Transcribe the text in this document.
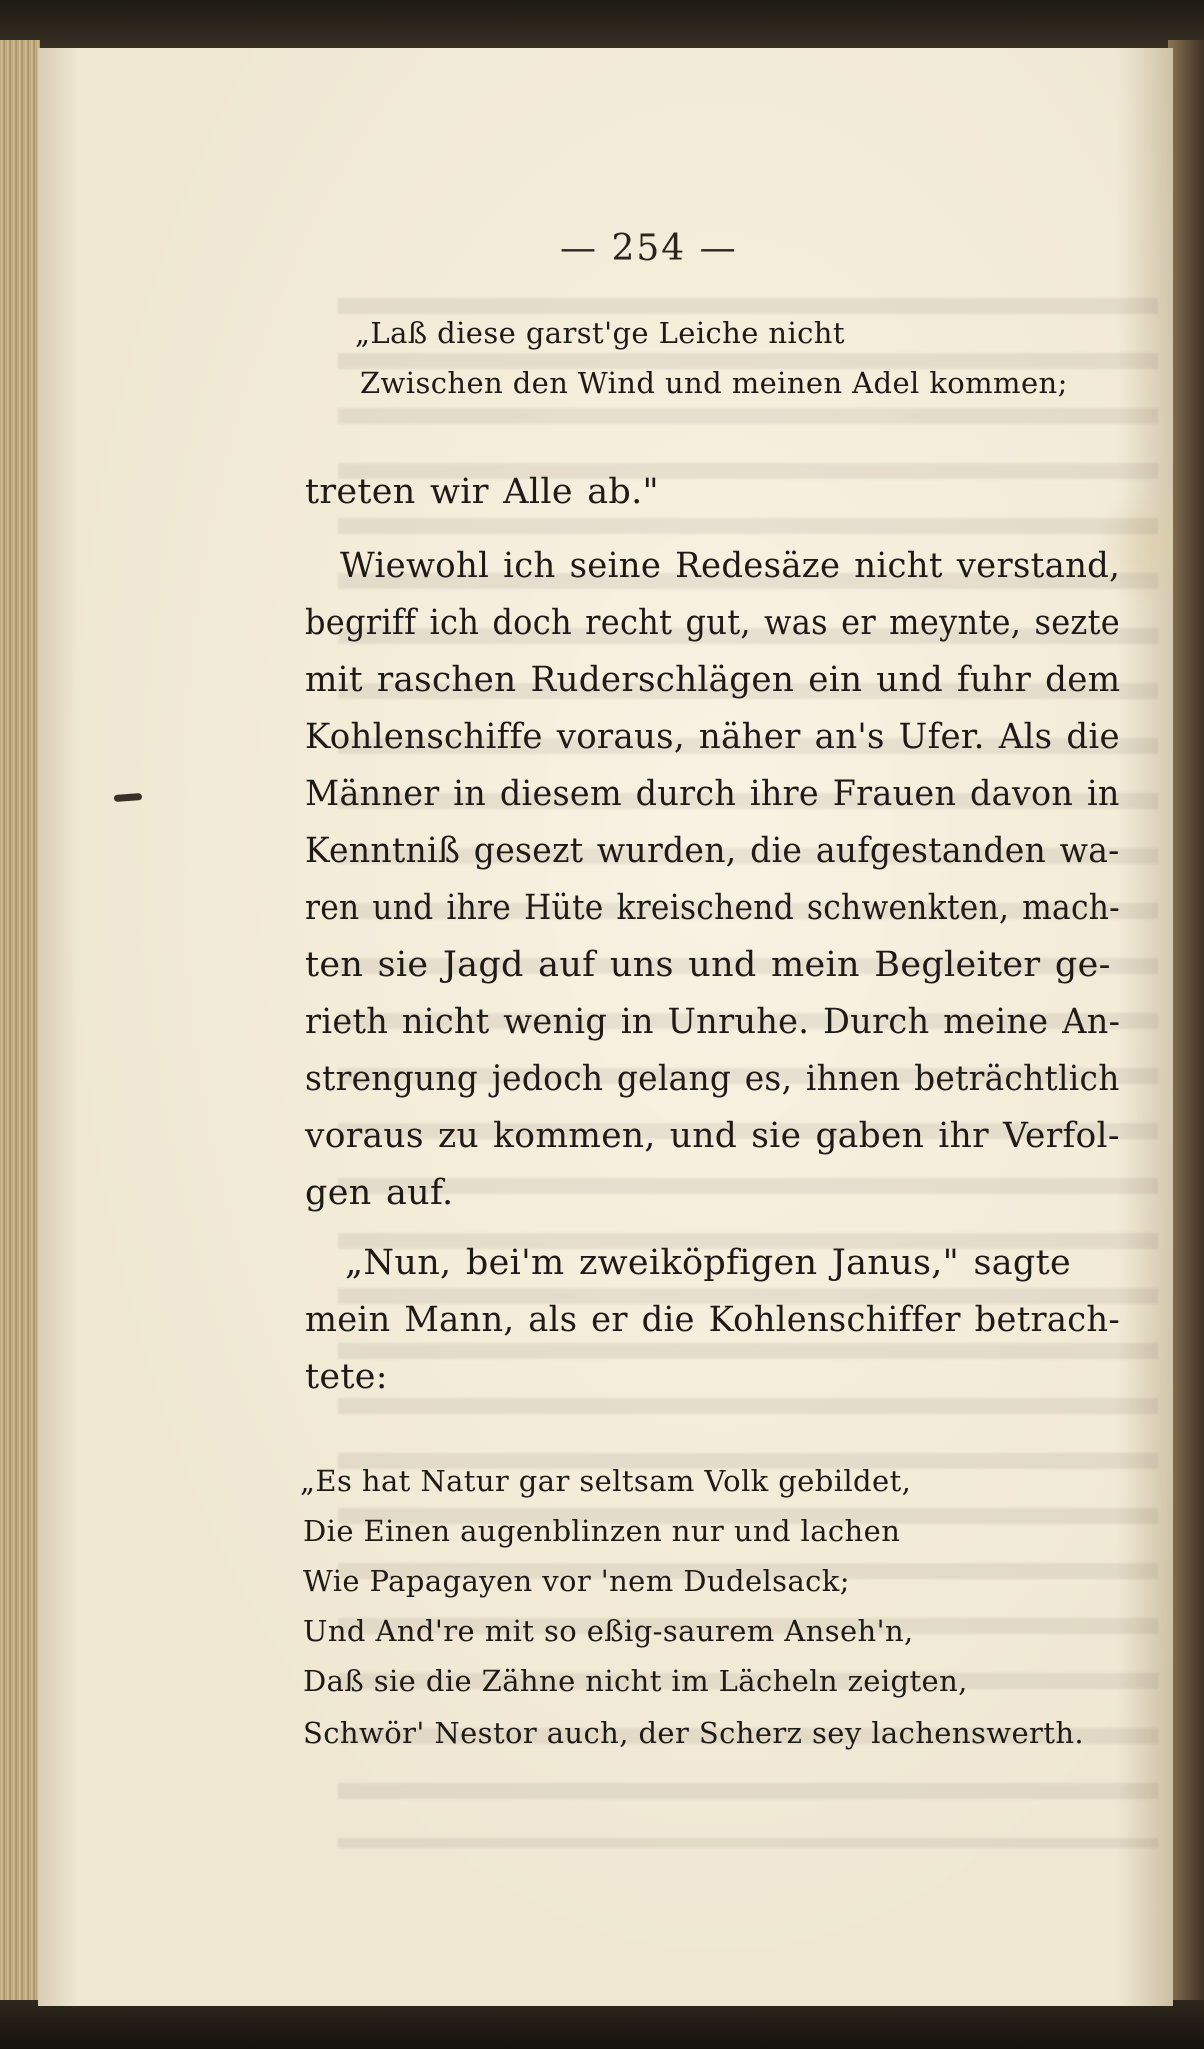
— 254 —
„Laß diese garst'ge Leiche nicht
Zwischen den Wind und meinen Adel kommen;
treten wir Alle ab."
Wiewohl ich seine Redesäze nicht verstand,
begriff ich doch recht gut, was er meynte, sezte
mit raschen Ruderschlägen ein und fuhr dem
Kohlenschiffe voraus, näher an's Ufer. Als die
Männer in diesem durch ihre Frauen davon in
Kenntniß gesezt wurden, die aufgestanden wa-
ren und ihre Hüte kreischend schwenkten, mach-
ten sie Jagd auf uns und mein Begleiter ge-
rieth nicht wenig in Unruhe. Durch meine An-
strengung jedoch gelang es, ihnen beträchtlich
voraus zu kommen, und sie gaben ihr Verfol-
gen auf.
„Nun, bei'm zweiköpfigen Janus," sagte
mein Mann, als er die Kohlenschiffer betrach-
tete:
„Es hat Natur gar seltsam Volk gebildet,
Die Einen augenblinzen nur und lachen
Wie Papagayen vor 'nem Dudelsack;
Und And're mit so eßig-saurem Anseh'n,
Daß sie die Zähne nicht im Lächeln zeigten,
Schwör' Nestor auch, der Scherz sey lachenswerth.
